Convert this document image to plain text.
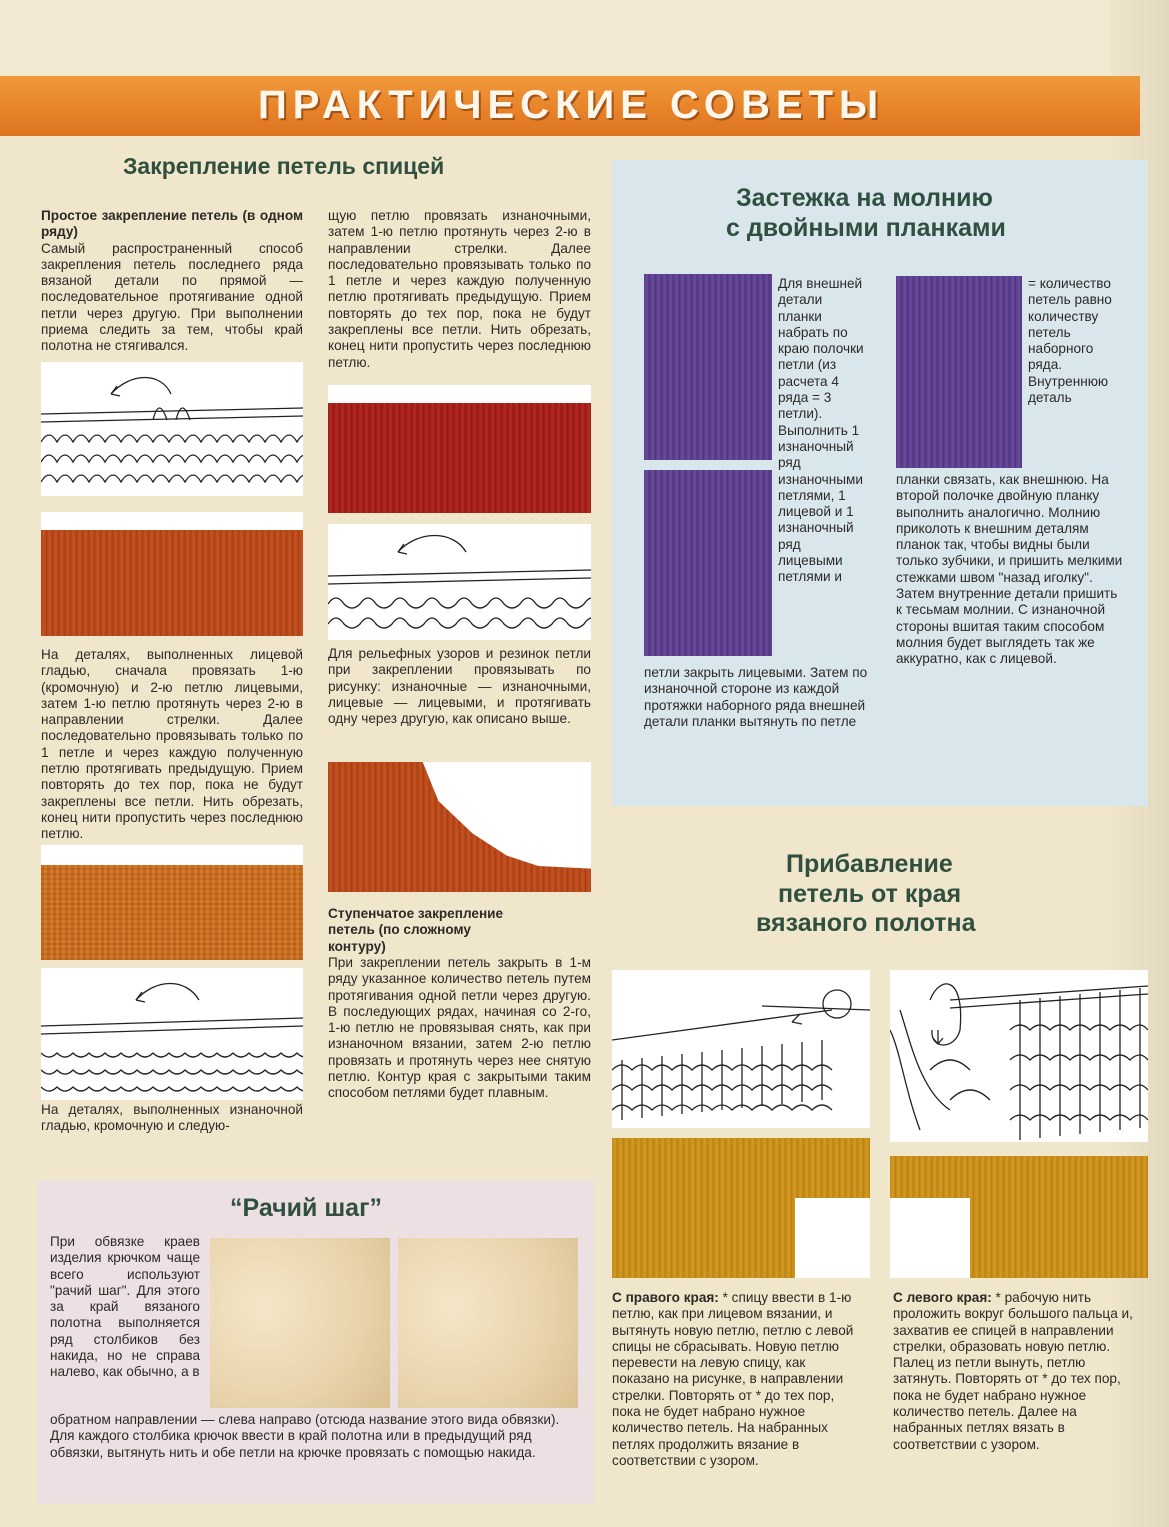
ПРАКТИЧЕСКИЕ СОВЕТЫ
Закрепление петель спицей
Простое закрепление петель (в одном ряду)
Самый распространенный способ закрепления петель последнего ряда вязаной детали по прямой — последовательное протягивание одной петли через другую. При выполнении приема следить за тем, чтобы край полотна не стягивался.
На деталях, выполненных лицевой гладью, сначала провязать 1-ю (кромочную) и 2-ю петлю лицевыми, затем 1-ю петлю протянуть через 2-ю в направлении стрелки. Далее последовательно провязывать только по 1 петле и через каждую полученную петлю протягивать предыдущую. Прием повторять до тех пор, пока не будут закреплены все петли. Нить обрезать, конец нити пропустить через последнюю петлю.
На деталях, выполненных изнаночной гладью, кромочную и следую-
щую петлю провязать изнаночными, затем 1-ю петлю протянуть через 2-ю в направлении стрелки. Далее последовательно провязывать только по 1 петле и через каждую полученную петлю протягивать предыдущую. Прием повторять до тех пор, пока не будут закреплены все петли. Нить обрезать, конец нити пропустить через последнюю петлю.
Для рельефных узоров и резинок петли при закреплении провязывать по рисунку: изнаночные — изнаночными, лицевые — лицевыми, и протягивать одну через другую, как описано выше.
Ступенчатое закрепление петель (по сложному контуру)
При закреплении петель закрыть в 1-м ряду указанное количество петель путем протягивания одной петли через другую. В последующих рядах, начиная со 2-го, 1-ю петлю не провязывая снять, как при изнаночном вязании, затем 2-ю петлю провязать и протянуть через нее снятую петлю. Контур края с закрытыми таким способом петлями будет плавным.
Застежка на молнию
с двойными планками
Для внешней детали планки набрать по краю полочки петли (из расчета 4 ряда = 3 петли). Выполнить 1 изнаночный ряд изнаночными петлями, 1 лицевой и 1 изнаночный ряд лицевыми петлями и
петли закрыть лицевыми. Затем по изнаночной стороне из каждой протяжки наборного ряда внешней детали планки вытянуть по петле
= количество петель равно количеству петель наборного ряда. Внутреннюю деталь
планки связать, как внешнюю. На второй полочке двойную планку выполнить аналогично. Молнию приколоть к внешним деталям планок так, чтобы видны были только зубчики, и пришить мелкими стежками швом "назад иголку". Затем внутренние детали пришить к тесьмам молнии. С изнаночной стороны вшитая таким способом молния будет выглядеть так же аккуратно, как с лицевой.
Прибавление
петель от края
вязаного полотна
С правого края: * спицу ввести в 1-ю петлю, как при лицевом вязании, и вытянуть новую петлю, петлю с левой спицы не сбрасывать. Новую петлю перевести на левую спицу, как показано на рисунке, в направлении стрелки. Повторять от * до тех пор, пока не будет набрано нужное количество петель. На набранных петлях продолжить вязание в соответствии с узором.
С левого края: * рабочую нить проложить вокруг большого пальца и, захватив ее спицей в направлении стрелки, образовать новую петлю. Палец из петли вынуть, петлю затянуть. Повторять от * до тех пор, пока не будет набрано нужное количество петель. Далее на набранных петлях вязать в соответствии с узором.
“Рачий шаг”
При обвязке краев изделия крючком чаще всего используют "рачий шаг". Для этого за край вязаного полотна выполняется ряд столбиков без накида, но не справа налево, как обычно, а в
обратном направлении — слева направо (отсюда название этого вида обвязки). Для каждого столбика крючок ввести в край полотна или в предыдущий ряд обвязки, вытянуть нить и обе петли на крючке провязать с помощью накида.
